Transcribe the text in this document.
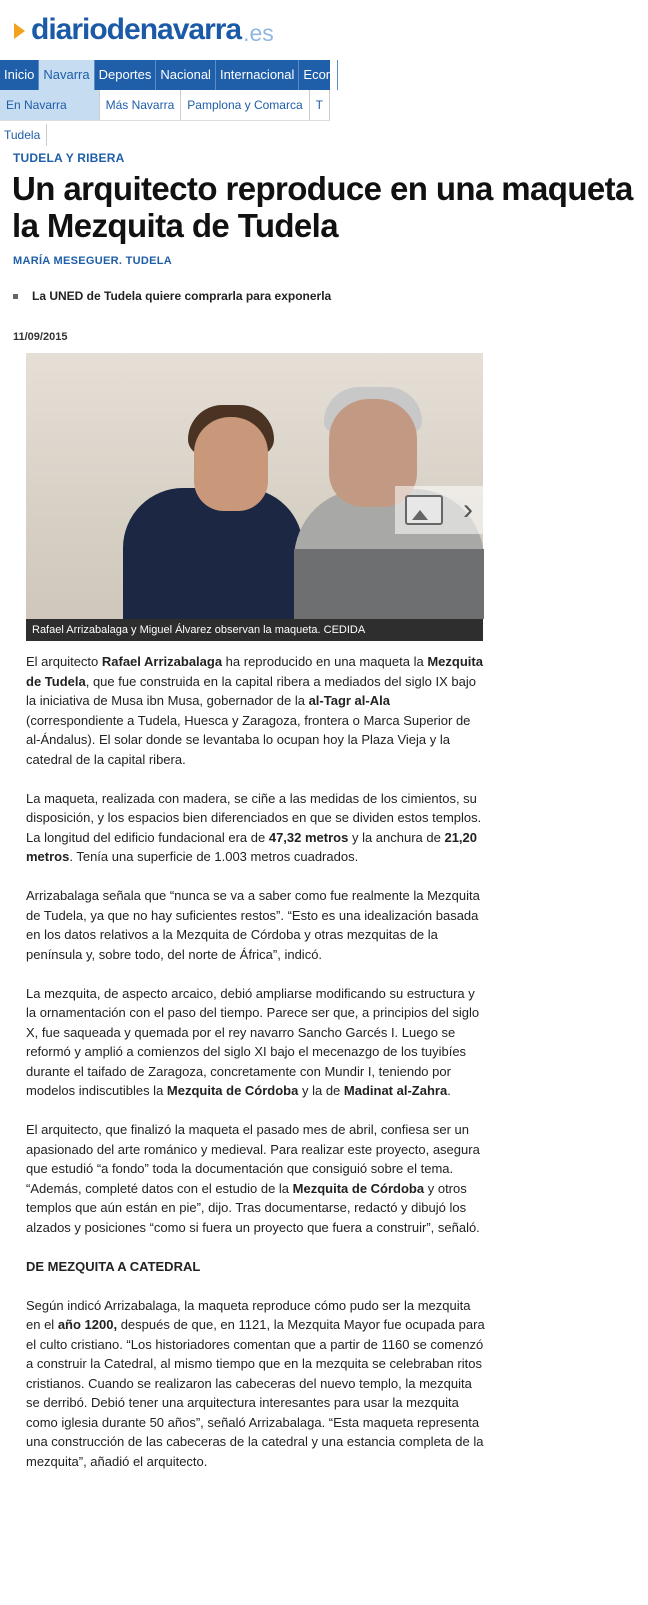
diariodenavarra .es
Inicio Navarra Deportes Nacional Internacional Econ
En Navarra	Más Navarra	Pamplona y Comarca	T
Tudela
TUDELA Y RIBERA
Un arquitecto reproduce en una maqueta la Mezquita de Tudela
MARÍA MESEGUER. TUDELA
La UNED de Tudela quiere comprarla para exponerla
11/09/2015
›
Rafael Arrizabalaga y Miguel Álvarez observan la maqueta. CEDIDA

El arquitecto Rafael Arrizabalaga ha reproducido en una maqueta la Mezquita de Tudela, que fue construida en la capital ribera a mediados del siglo IX bajo la iniciativa de Musa ibn Musa, gobernador de la al-Tagr al-Ala (correspondiente a Tudela, Huesca y Zaragoza, frontera o Marca Superior de al-Ándalus). El solar donde se levantaba lo ocupan hoy la Plaza Vieja y la catedral de la capital ribera.

La maqueta, realizada con madera, se ciñe a las medidas de los cimientos, su disposición, y los espacios bien diferenciados en que se dividen estos templos. La longitud del edificio fundacional era de 47,32 metros y la anchura de 21,20 metros. Tenía una superficie de 1.003 metros cuadrados.

Arrizabalaga señala que “nunca se va a saber como fue realmente la Mezquita de Tudela, ya que no hay suficientes restos”. “Esto es una idealización basada en los datos relativos a la Mezquita de Córdoba y otras mezquitas de la península y, sobre todo, del norte de África”, indicó.

La mezquita, de aspecto arcaico, debió ampliarse modificando su estructura y la ornamentación con el paso del tiempo. Parece ser que, a principios del siglo X, fue saqueada y quemada por el rey navarro Sancho Garcés I. Luego se reformó y amplió a comienzos del siglo XI bajo el mecenazgo de los tuyibíes durante el taifado de Zaragoza, concretamente con Mundir I, teniendo por modelos indiscutibles la Mezquita de Córdoba y la de Madinat al-Zahra.

El arquitecto, que finalizó la maqueta el pasado mes de abril, confiesa ser un apasionado del arte románico y medieval. Para realizar este proyecto, asegura que estudió “a fondo” toda la documentación que consiguió sobre el tema. “Además, completé datos con el estudio de la Mezquita de Córdoba y otros templos que aún están en pie”, dijo. Tras documentarse, redactó y dibujó los alzados y posiciones “como si fuera un proyecto que fuera a construir”, señaló.

DE MEZQUITA A CATEDRAL

Según indicó Arrizabalaga, la maqueta reproduce cómo pudo ser la mezquita en el año 1200, después de que, en 1121, la Mezquita Mayor fue ocupada para el culto cristiano. “Los historiadores comentan que a partir de 1160 se comenzó a construir la Catedral, al mismo tiempo que en la mezquita se celebraban ritos cristianos. Cuando se realizaron las cabeceras del nuevo templo, la mezquita se derribó. Debió tener una arquitectura interesantes para usar la mezquita como iglesia durante 50 años”, señaló Arrizabalaga. “Esta maqueta representa una construcción de las cabeceras de la catedral y una estancia completa de la mezquita”, añadió el arquitecto.
